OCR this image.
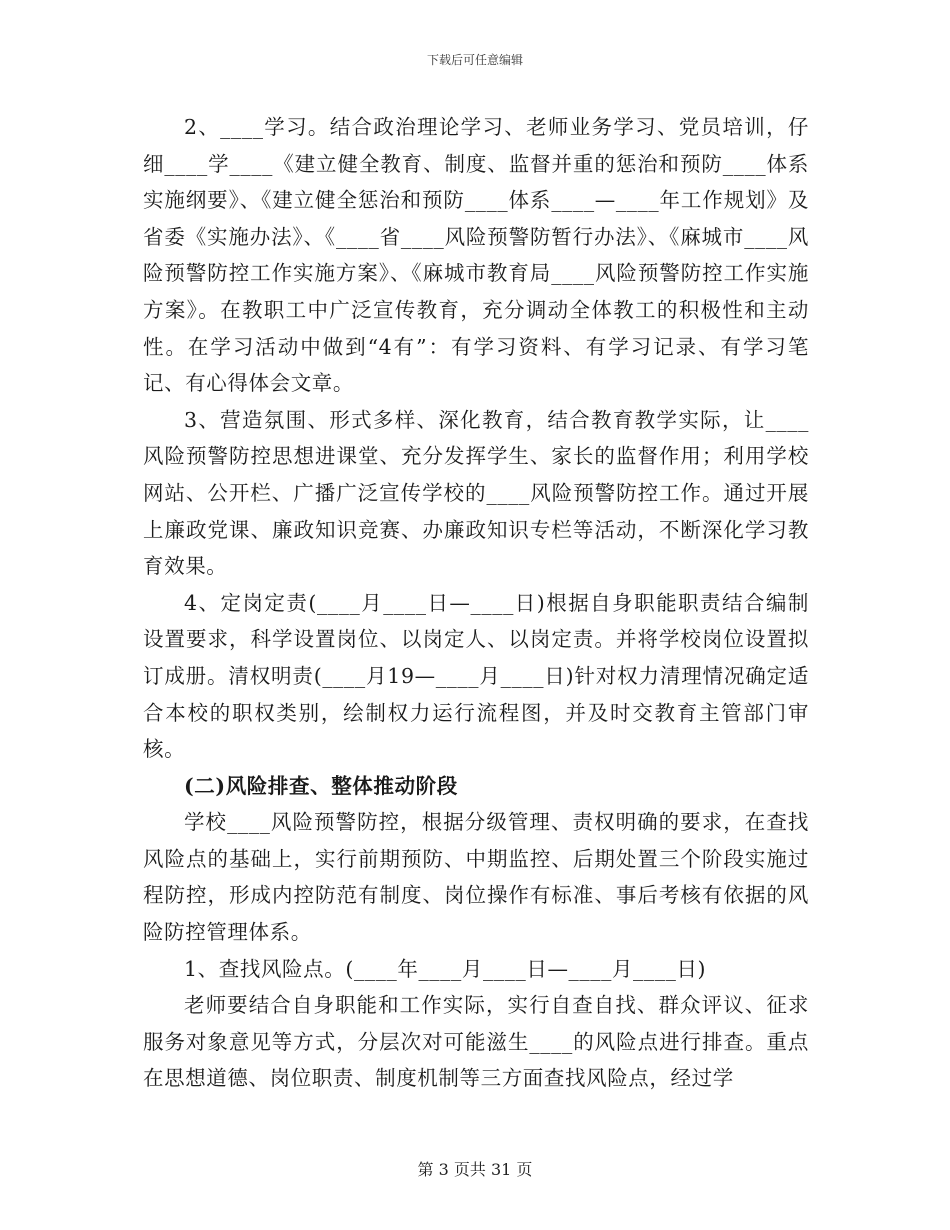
下载后可任意编辑

2、____学习。结合政治理论学习、老师业务学习、党员培训，仔细____学____《建立健全教育、制度、监督并重的惩治和预防____体系实施纲要》、《建立健全惩治和预防____体系____—____年工作规划》及省委《实施办法》、《____省____风险预警防暂行办法》、《麻城市____风险预警防控工作实施方案》、《麻城市教育局____风险预警防控工作实施方案》。在教职工中广泛宣传教育，充分调动全体教工的积极性和主动性。在学习活动中做到“4有”：有学习资料、有学习记录、有学习笔记、有心得体会文章。

3、营造氛围、形式多样、深化教育，结合教育教学实际，让____风险预警防控思想进课堂、充分发挥学生、家长的监督作用；利用学校网站、公开栏、广播广泛宣传学校的____风险预警防控工作。通过开展上廉政党课、廉政知识竞赛、办廉政知识专栏等活动，不断深化学习教育效果。

4、定岗定责(____月____日—____日)根据自身职能职责结合编制设置要求，科学设置岗位、以岗定人、以岗定责。并将学校岗位设置拟订成册。清权明责(____月19—____月____日)针对权力清理情况确定适合本校的职权类别，绘制权力运行流程图，并及时交教育主管部门审核。

(二)风险排查、整体推动阶段

学校____风险预警防控，根据分级管理、责权明确的要求，在查找风险点的基础上，实行前期预防、中期监控、后期处置三个阶段实施过程防控，形成内控防范有制度、岗位操作有标准、事后考核有依据的风险防控管理体系。

1、查找风险点。(____年____月____日—____月____日)

老师要结合自身职能和工作实际，实行自查自找、群众评议、征求服务对象意见等方式，分层次对可能滋生____的风险点进行排查。重点在思想道德、岗位职责、制度机制等三方面查找风险点，经过学

第 3 页共 31 页
